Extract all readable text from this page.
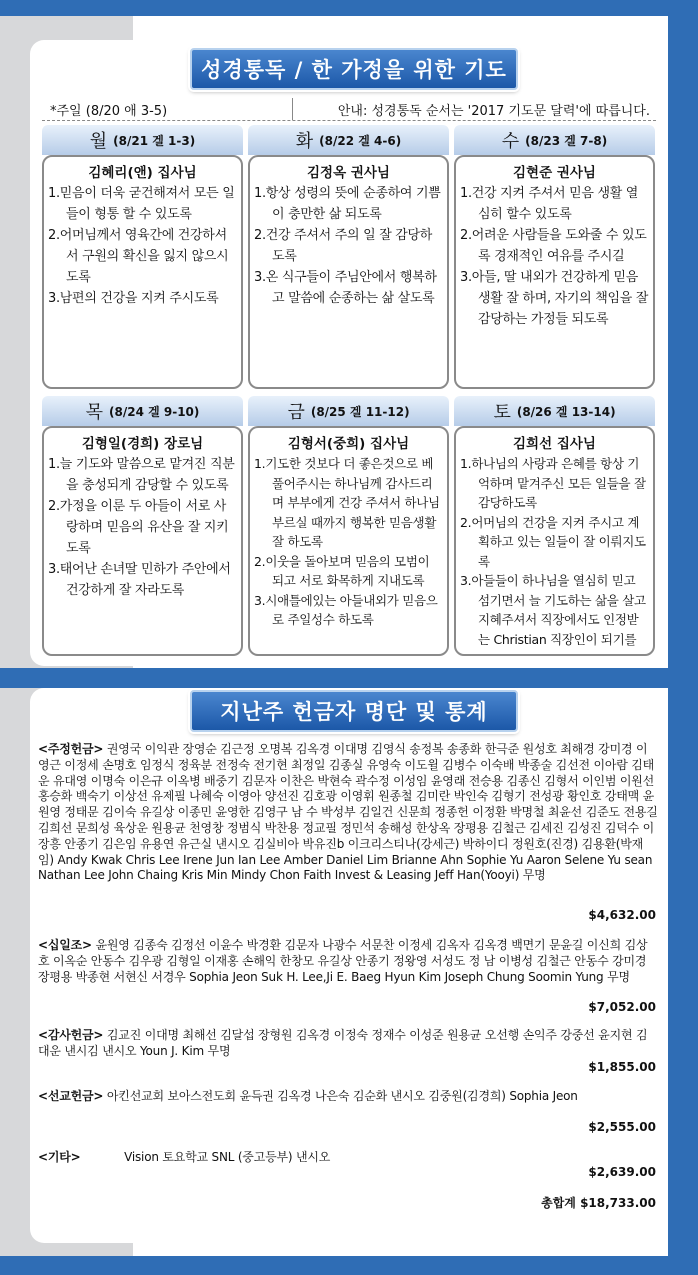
성경통독 / 한 가정을 위한 기도
*주일 (8/20 애 3-5)	안내: 성경통독 순서는 '2017 기도문 달력'에 따릅니다.
월 (8/21 겔 1-3)
김혜리(앤) 집사님
1.믿음이 더욱 굳건해져서 모든 일들이 형통 할 수 있도록
2.어머님께서 영육간에 건강하셔서 구원의 확신을 잃지 않으시도록
3.남편의 건강을 지켜 주시도록
화 (8/22 겔 4-6)
김정옥 권사님
1.항상 성령의 뜻에 순종하여 기쁨이 충만한 삶 되도록
2.건강 주셔서 주의 일 잘 감당하도록
3.온 식구들이 주님안에서 행복하고 말씀에 순종하는 삶 살도록
수 (8/23 겔 7-8)
김현준 권사님
1.건강 지켜 주셔서 믿음 생활 열심히 할수 있도록
2.어려운 사람들을 도와줄 수 있도록 경재적인 여유를 주시길
3.아들, 딸 내외가 건강하게 믿음생활 잘 하며, 자기의 책임을 잘 감당하는 가정들 되도록
목 (8/24 겔 9-10)
김형일(경희) 장로님
1.늘 기도와 말씀으로 맡겨진 직분을 충성되게 감당할 수 있도록
2.가정을 이룬 두 아들이 서로 사랑하며 믿음의 유산을 잘 지키도록
3.태어난 손녀딸 민하가 주안에서 건강하게 잘 자라도록
금 (8/25 겔 11-12)
김형서(중희) 집사님
1.기도한 것보다 더 좋은것으로 베풀어주시는 하나님께 감사드리며 부부에게 건강 주셔서 하나님 부르실 때까지 행복한 믿음생활 잘 하도록
2.이웃을 돌아보며 믿음의 모범이 되고 서로 화목하게 지내도록
3.시애틀에있는 아들내외가 믿음으로 주일성수 하도록
토 (8/26 겔 13-14)
김희선 집사님
1.하나님의 사랑과 은혜를 항상 기억하며 맡겨주신 모든 일들을 잘 감당하도록
2.어머님의 건강을 지켜 주시고 계획하고 있는 일들이 잘 이뤄지도록
3.아들들이 하나님을 열심히 믿고 섬기면서 늘 기도하는 삶을 살고 지혜주셔서 직장에서도 인정받는 Christian 직장인이 되기를
지난주 헌금자 명단 및 통계
<주정헌금> 권영국 이익관 장영순 김근정 오명복 김옥경 이대명 김영식 송정복 송종화 한극준 원성호 최해경 강미경 이영근 이정세 손명호 임정식 정육분 전정숙 전기현 최정일 김종실 유영숙 이도윌 김병수 이숙배 박종술 김선전 이아람 김태운 유대영 이명숙 이은규 이옥병 배중기 김문자 이찬은 박현숙 곽수정 이성임 윤영래 전승용 김종신 김형서 이인범 이원선 홍승화 백숙기 이상선 유제필 나혜숙 이영아 양선진 김호광 이영휘 원종철 김미란 박인숙 김형기 전성광 황인호 강태맥 윤원영 정태문 김이숙 유길상 이종민 윤영한 김영구 남 수 박성부 김일건 신문희 정종헌 이정환 박명철 최윤선 김준도 전용길 김희선 문희성 육상운 원용균 천영창 정범식 박찬용 정교필 정민석 송해성 한상옥 장평용 김철근 김세진 김성진 김덕수 이장흥 안종기 김은임 유용연 유근실 낸시오 김실비아 박유진b 이크리스티나(강세근) 박하이디 정원호(진경) 김용환(박재임) Andy Kwak Chris Lee Irene Jun Ian Lee Amber Daniel Lim Brianne Ahn Sophie Yu Aaron Selene Yu sean Nathan Lee John Chaing Kris Min Mindy Chon Faith Invest & Leasing Jeff Han(Yooyi) 무명
$4,632.00
<십일조> 윤원영 김종숙 김정선 이윤수 박경환 김문자 나광수 서문찬 이정세 김옥자 김옥경 백면기 문윤길 이신희 김상호 이옥순 안동수 김우광 김형일 이재홍 손해익 한창모 유길상 안종기 정왕영 서성도 정 남 이병성 김철근 안동수 강미경 장평용 박종현 서현신 서경우 Sophia Jeon Suk H. Lee,Ji E. Baeg Hyun Kim Joseph Chung Soomin Yung 무명
$7,052.00
<감사헌금> 김교진 이대명 최해선 김달섭 장형원 김옥경 이정숙 정재수 이성준 원용균 오선행 손익주 강중선 윤지현 김대운 낸시김 낸시오 Youn J. Kim 무명
$1,855.00
<선교헌금> 아킨선교회 보아스전도회 윤득권 김옥경 나은숙 김순화 낸시오 김중원(김경희) Sophia Jeon
$2,555.00
<기타>	Vision 토요학교 SNL (중고등부) 낸시오
$2,639.00
총합계 $18,733.00
